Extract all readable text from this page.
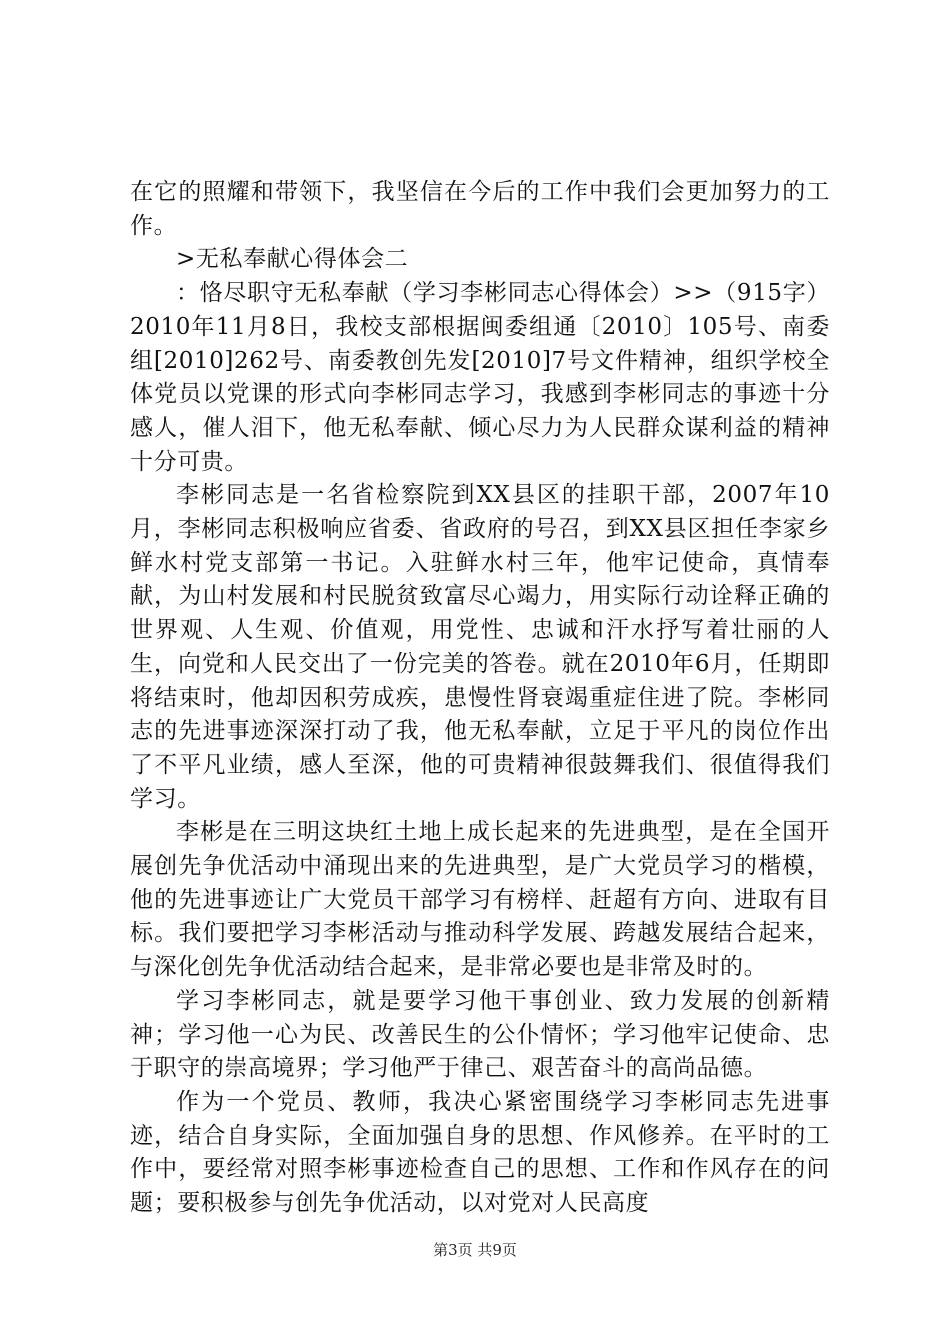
在它的照耀和带领下，我坚信在今后的工作中我们会更加努力的工作。

>无私奉献心得体会二

：恪尽职守无私奉献（学习李彬同志心得体会）>>（915字）2010年11月8日，我校支部根据闽委组通〔2010〕105号、南委组[2010]262号、南委教创先发[2010]7号文件精神，组织学校全体党员以党课的形式向李彬同志学习，我感到李彬同志的事迹十分感人，催人泪下，他无私奉献、倾心尽力为人民群众谋利益的精神十分可贵。

李彬同志是一名省检察院到XX县区的挂职干部，2007年10月，李彬同志积极响应省委、省政府的号召，到XX县区担任李家乡鲜水村党支部第一书记。入驻鲜水村三年，他牢记使命，真情奉献，为山村发展和村民脱贫致富尽心竭力，用实际行动诠释正确的世界观、人生观、价值观，用党性、忠诚和汗水抒写着壮丽的人生，向党和人民交出了一份完美的答卷。就在2010年6月，任期即将结束时，他却因积劳成疾，患慢性肾衰竭重症住进了院。李彬同志的先进事迹深深打动了我，他无私奉献，立足于平凡的岗位作出了不平凡业绩，感人至深，他的可贵精神很鼓舞我们、很值得我们学习。

李彬是在三明这块红土地上成长起来的先进典型，是在全国开展创先争优活动中涌现出来的先进典型，是广大党员学习的楷模，他的先进事迹让广大党员干部学习有榜样、赶超有方向、进取有目标。我们要把学习李彬活动与推动科学发展、跨越发展结合起来，与深化创先争优活动结合起来，是非常必要也是非常及时的。

学习李彬同志，就是要学习他干事创业、致力发展的创新精神；学习他一心为民、改善民生的公仆情怀；学习他牢记使命、忠于职守的崇高境界；学习他严于律己、艰苦奋斗的高尚品德。

作为一个党员、教师，我决心紧密围绕学习李彬同志先进事迹，结合自身实际，全面加强自身的思想、作风修养。在平时的工作中，要经常对照李彬事迹检查自己的思想、工作和作风存在的问题；要积极参与创先争优活动，以对党对人民高度

第3页 共9页
